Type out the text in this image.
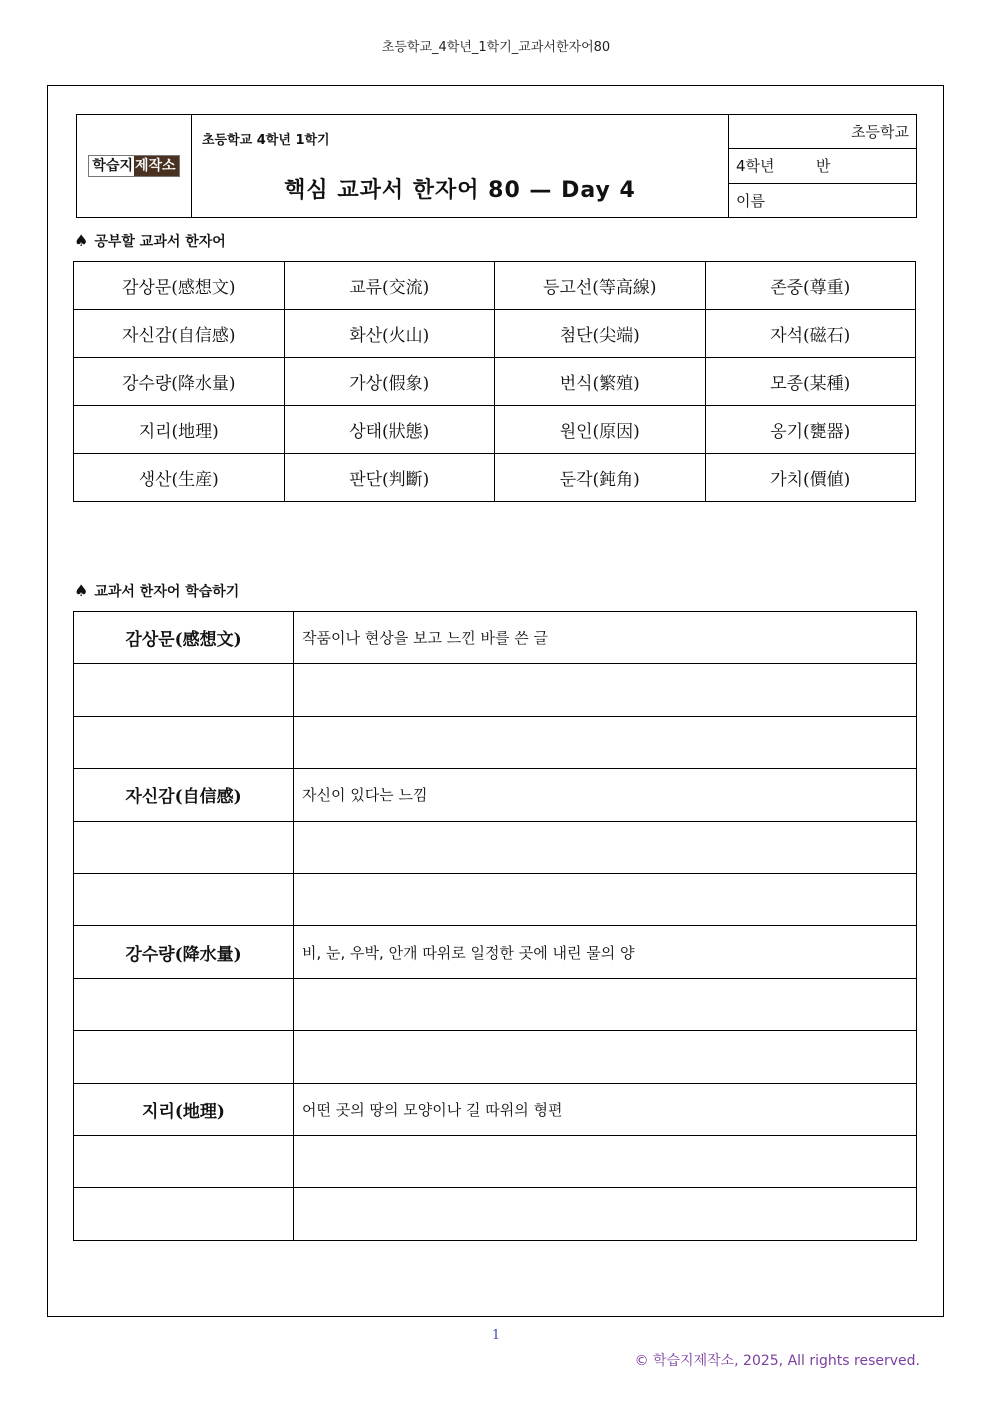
초등학교_4학년_1학기_교과서한자어80
학습지 제작소
초등학교 4학년 1학기
핵심 교과서 한자어 80 — Day 4
초등학교
4학년	반
이름
♠ 공부할 교과서 한자어
감상문(感想文)	교류(交流)	등고선(等高線)	존중(尊重)
자신감(自信感)	화산(火山)	첨단(尖端)	자석(磁石)
강수량(降水量)	가상(假象)	번식(繁殖)	모종(某種)
지리(地理)	상태(狀態)	원인(原因)	옹기(甕器)
생산(生産)	판단(判斷)	둔각(鈍角)	가치(價値)
♠ 교과서 한자어 학습하기
감상문(感想文)	작품이나 현상을 보고 느낀 바를 쓴 글

자신감(自信感)	자신이 있다는 느낌

강수량(降水量)	비, 눈, 우박, 안개 따위로 일정한 곳에 내린 물의 양

지리(地理)	어떤 곳의 땅의 모양이나 길 따위의 형편

1
© 학습지제작소, 2025, All rights reserved.
